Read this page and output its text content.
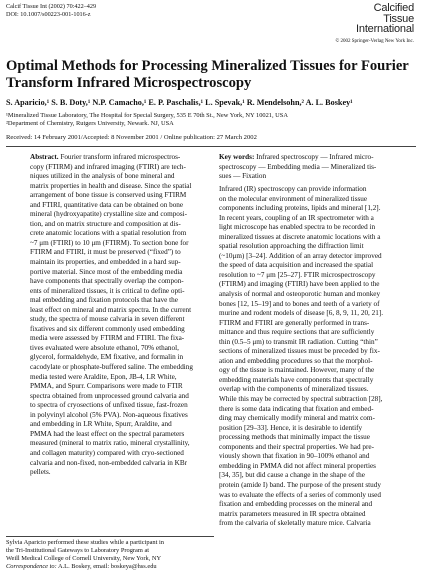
Calcif Tissue Int (2002) 70:422–429
DOI: 10.1007/s00223-001-1016-z
Calcified
Tissue
International
© 2002 Springer-Verlag New York Inc.
Optimal Methods for Processing Mineralized Tissues for Fourier
Transform Infrared Microspectroscopy
S. Aparicio,¹ S. B. Doty,¹ N.P. Camacho,¹ E. P. Paschalis,¹ L. Spevak,¹ R. Mendelsohn,² A. L. Boskey¹
¹Mineralized Tissue Laboratory, The Hospital for Special Surgery, 535 E 70th St., New York, NY 10021, USA
²Department of Chemistry, Rutgers University, Newark. NJ, USA
Received: 14 February 2001/Accepted: 8 November 2001 / Online publication: 27 March 2002
Abstract. Fourier transform infrared microspectros-
copy (FTIRM) and infrared imaging (FTIRI) are tech-
niques utilized in the analysis of bone mineral and
matrix properties in health and disease. Since the spatial
arrangement of bone tissue is conserved using FTIRM
and FTIRI, quantitative data can be obtained on bone
mineral (hydroxyapatite) crystalline size and composi-
tion, and on matrix structure and composition at dis-
crete anatomic locations with a spatial resolution from
~7 μm (FTIRI) to 10 μm (FTIRM). To section bone for
FTIRM and FTIRI, it must be preserved (“fixed”) to
maintain its properties, and embedded in a hard sup-
portive material. Since most of the embedding media
have components that spectrally overlap the compon-
ents of mineralized tissues, it is critical to define opti-
mal embedding and fixation protocols that have the
least effect on mineral and matrix spectra. In the current
study, the spectra of mouse calvaria in seven different
fixatives and six different commonly used embedding
media were assessed by FTIRM and FTIRI. The fixa-
tives evaluated were absolute ethanol, 70% ethanol,
glycerol, formaldehyde, EM fixative, and formalin in
cacodylate or phosphate-buffered saline. The embedding
media tested were Araldite, Epon, JB-4, LR White,
PMMA, and Spurr. Comparisons were made to FTIR
spectra obtained from unprocessed ground calvaria and
to spectra of cryosections of unfixed tissue, fast-frozen
in polyvinyl alcohol (5% PVA). Non-aqueous fixatives
and embedding in LR White, Spurr, Araldite, and
PMMA had the least effect on the spectral parameters
measured (mineral to matrix ratio, mineral crystallinity,
and collagen maturity) compared with cryo-sectioned
calvaria and non-fixed, non-embedded calvaria in KBr
pellets.
Key words: Infrared spectroscopy — Infrared micro-
spectroscopy — Embedding media — Mineralized tis-
sues — Fixation
Infrared (IR) spectroscopy can provide information
on the molecular environment of mineralized tissue
components including proteins, lipids and mineral [1,2].
In recent years, coupling of an IR spectrometer with a
light microscope has enabled spectra to be recorded in
mineralized tissues at discrete anatomic locations with a
spatial resolution approaching the diffraction limit
(~10μm) [3–24]. Addition of an array detector improved
the speed of data acquisition and increased the spatial
resolution to ~7 μm [25–27]. FTIR microspectroscopy
(FTIRM) and imaging (FTIRI) have been applied to the
analysis of normal and osteoporotic human and monkey
bones [12, 15–19] and to bones and teeth of a variety of
murine and rodent models of disease [6, 8, 9, 11, 20, 21].
FTIRM and FTIRI are generally performed in trans-
mittance and thus require sections that are sufficiently
thin (0.5–5 μm) to transmit IR radiation. Cutting “thin”
sections of mineralized tissues must be preceded by fix-
ation and embedding procedures so that the morphol-
ogy of the tissue is maintained. However, many of the
embedding materials have components that spectrally
overlap with the components of mineralized tissues.
While this may be corrected by spectral subtraction [28],
there is some data indicating that fixation and embed-
ding may chemically modify mineral and matrix com-
position [29–33]. Hence, it is desirable to identify
processing methods that minimally impact the tissue
components and their spectral properties. We had pre-
viously shown that fixation in 90–100% ethanol and
embedding in PMMA did not affect mineral properties
[34, 35], but did cause a change in the shape of the
protein (amide I) band. The purpose of the present study
was to evaluate the effects of a series of commonly used
fixation and embedding processes on the mineral and
matrix parameters measured in IR spectra obtained
from the calvaria of skeletally mature mice. Calvaria
Sylvia Aparicio performed these studies while a participant in
the Tri-Institutional Gateways to Laboratory Program at
Weill Medical College of Cornell University, New York, NY
Correspondence to: A.L. Boskey, email: boskeya@hss.edu
